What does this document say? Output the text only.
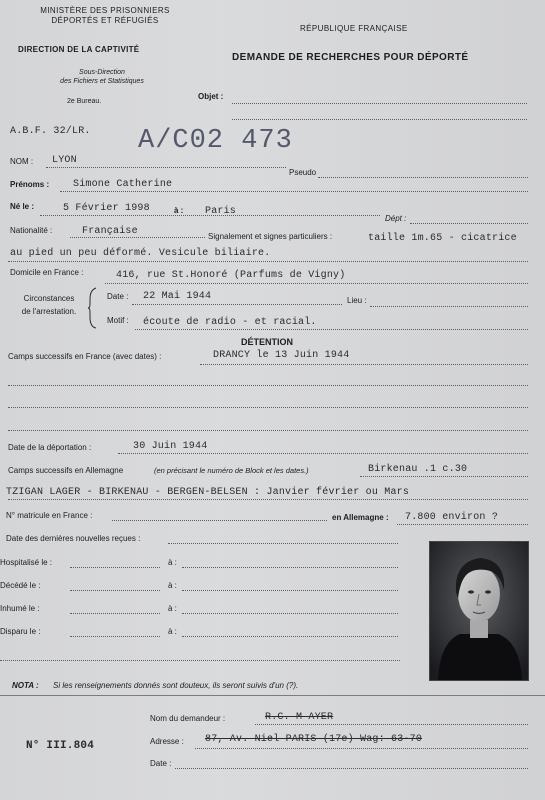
MINISTÈRE DES PRISONNIERS
DÉPORTÉS ET RÉFUGIÉS
DIRECTION DE LA CAPTIVITÉ
Sous-Direction
des Fichiers et Statistiques
2e Bureau.
RÉPUBLIQUE FRANÇAISE
DEMANDE DE RECHERCHES POUR DÉPORTÉ
Objet :
A.B.F. 32/LR. A/C02 473
NOM : LYON
Pseudo
Prénoms : Simone Catherine
Né le :	5 Février 1998	à : Paris
Dépt :
Nationalité :	Française	Signalement et signes particuliers :	taille 1m.65 - cicatrice
au pied un peu déformé. Vesicule biliaire.
Domicile en France :	416, rue St.Honoré (Parfums de Vigny)
Circonstances
de l'arrestation.
Date : 22 Mai 1944	Lieu :
Motif : écoute de radio - et racial.
DÉTENTION
Camps successifs en France (avec dates) :	DRANCY le 13 Juin 1944
Date de la déportation :	30 Juin 1944
Camps successifs en Allemagne	(en précisant le numéro de Block et les dates.)	Birkenau .1 c.30
TZIGAN LAGER - BIRKENAU - BERGEN-BELSEN : Janvier février ou Mars
N° matricule en France :	en Allemagne : 7.800 environ ?
Date des dernières nouvelles reçues :
Hospitalisé le :	à :
Décédé le :	à :
Inhumé le :	à :
Disparu le :	à :
NOTA : Si les renseignements donnés sont douteux, ils seront suivis d'un (?).
Nom du demandeur :	R.C. M AYER
N° III.804	Adresse : 87, Av. Niel PARIS (17e) Wag: 63-70
Date :
